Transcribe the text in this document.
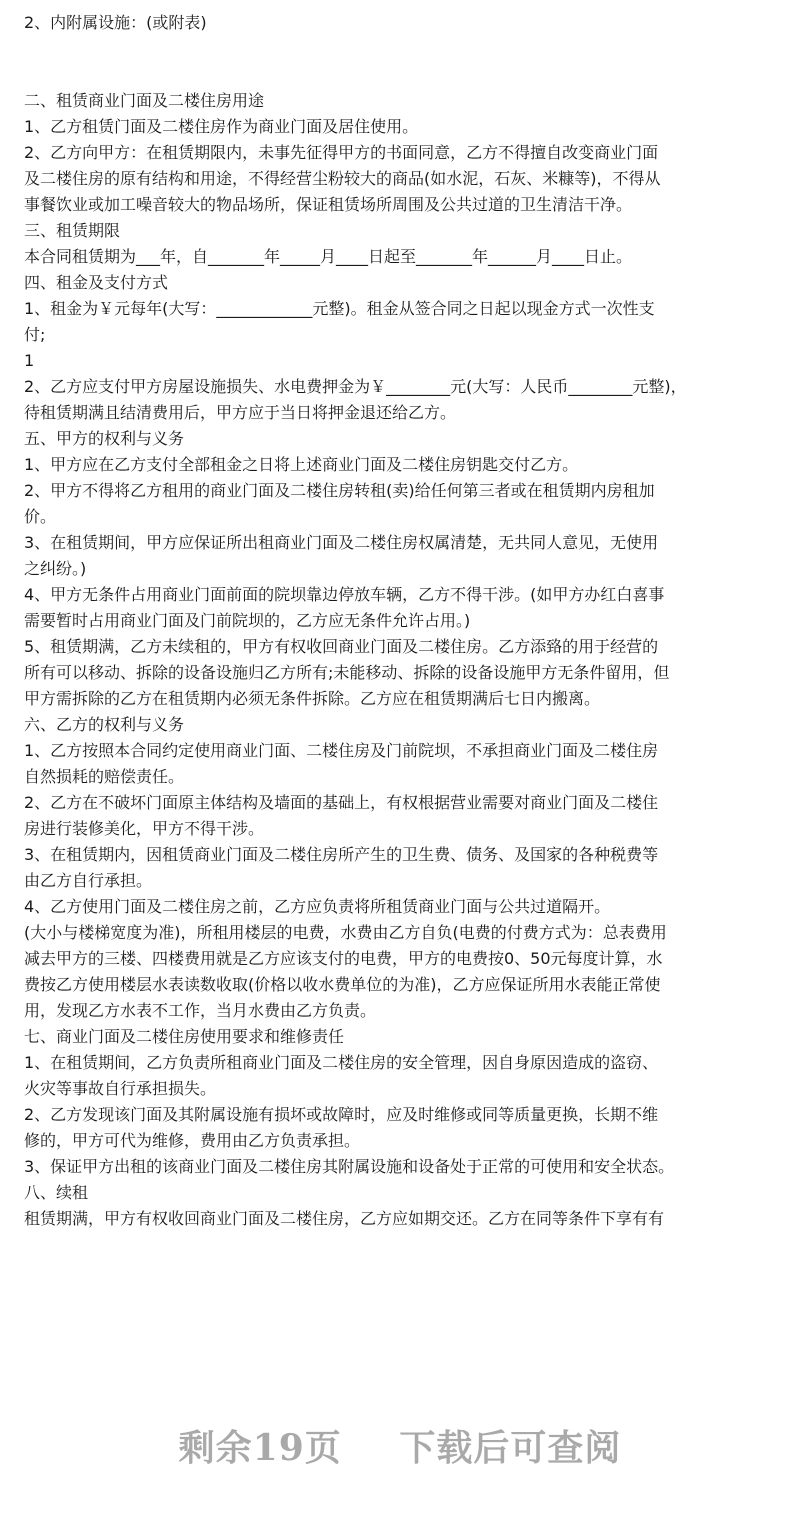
2、内附属设施：(或附表)
二、租赁商业门面及二楼住房用途
1、乙方租赁门面及二楼住房作为商业门面及居住使用。
2、乙方向甲方：在租赁期限内，未事先征得甲方的书面同意，乙方不得擅自改变商业门面
及二楼住房的原有结构和用途，不得经营尘粉较大的商品(如水泥，石灰、米糠等)，不得从
事餐饮业或加工噪音较大的物品场所，保证租赁场所周围及公共过道的卫生清洁干净。
三、租赁期限
本合同租赁期为___年，自_______年_____月____日起至_______年______月____日止。
四、租金及支付方式
1、租金为￥元每年(大写：____________元整)。租金从签合同之日起以现金方式一次性支
付;
1
2、乙方应支付甲方房屋设施损失、水电费押金为￥________元(大写：人民币________元整)，
待租赁期满且结清费用后，甲方应于当日将押金退还给乙方。
五、甲方的权利与义务
1、甲方应在乙方支付全部租金之日将上述商业门面及二楼住房钥匙交付乙方。
2、甲方不得将乙方租用的商业门面及二楼住房转租(卖)给任何第三者或在租赁期内房租加
价。
3、在租赁期间，甲方应保证所出租商业门面及二楼住房权属清楚，无共同人意见，无使用
之纠纷。)
4、甲方无条件占用商业门面前面的院坝靠边停放车辆，乙方不得干涉。(如甲方办红白喜事
需要暂时占用商业门面及门前院坝的，乙方应无条件允许占用。)
5、租赁期满，乙方未续租的，甲方有权收回商业门面及二楼住房。乙方添臵的用于经营的
所有可以移动、拆除的设备设施归乙方所有;未能移动、拆除的设备设施甲方无条件留用，但
甲方需拆除的乙方在租赁期内必须无条件拆除。乙方应在租赁期满后七日内搬离。
六、乙方的权利与义务
1、乙方按照本合同约定使用商业门面、二楼住房及门前院坝，不承担商业门面及二楼住房
自然损耗的赔偿责任。
2、乙方在不破坏门面原主体结构及墙面的基础上，有权根据营业需要对商业门面及二楼住
房进行装修美化，甲方不得干涉。
3、在租赁期内，因租赁商业门面及二楼住房所产生的卫生费、债务、及国家的各种税费等
由乙方自行承担。
4、乙方使用门面及二楼住房之前，乙方应负责将所租赁商业门面与公共过道隔开。
(大小与楼梯宽度为准)，所租用楼层的电费，水费由乙方自负(电费的付费方式为：总表费用
减去甲方的三楼、四楼费用就是乙方应该支付的电费，甲方的电费按0、50元每度计算，水
费按乙方使用楼层水表读数收取(价格以收水费单位的为准)，乙方应保证所用水表能正常使
用，发现乙方水表不工作，当月水费由乙方负责。
七、商业门面及二楼住房使用要求和维修责任
1、在租赁期间，乙方负责所租商业门面及二楼住房的安全管理，因自身原因造成的盗窃、
火灾等事故自行承担损失。
2、乙方发现该门面及其附属设施有损坏或故障时，应及时维修或同等质量更换，长期不维
修的，甲方可代为维修，费用由乙方负责承担。
3、保证甲方出租的该商业门面及二楼住房其附属设施和设备处于正常的可使用和安全状态。
八、续租
租赁期满，甲方有权收回商业门面及二楼住房，乙方应如期交还。乙方在同等条件下享有有
剩余19页 下载后可查阅
